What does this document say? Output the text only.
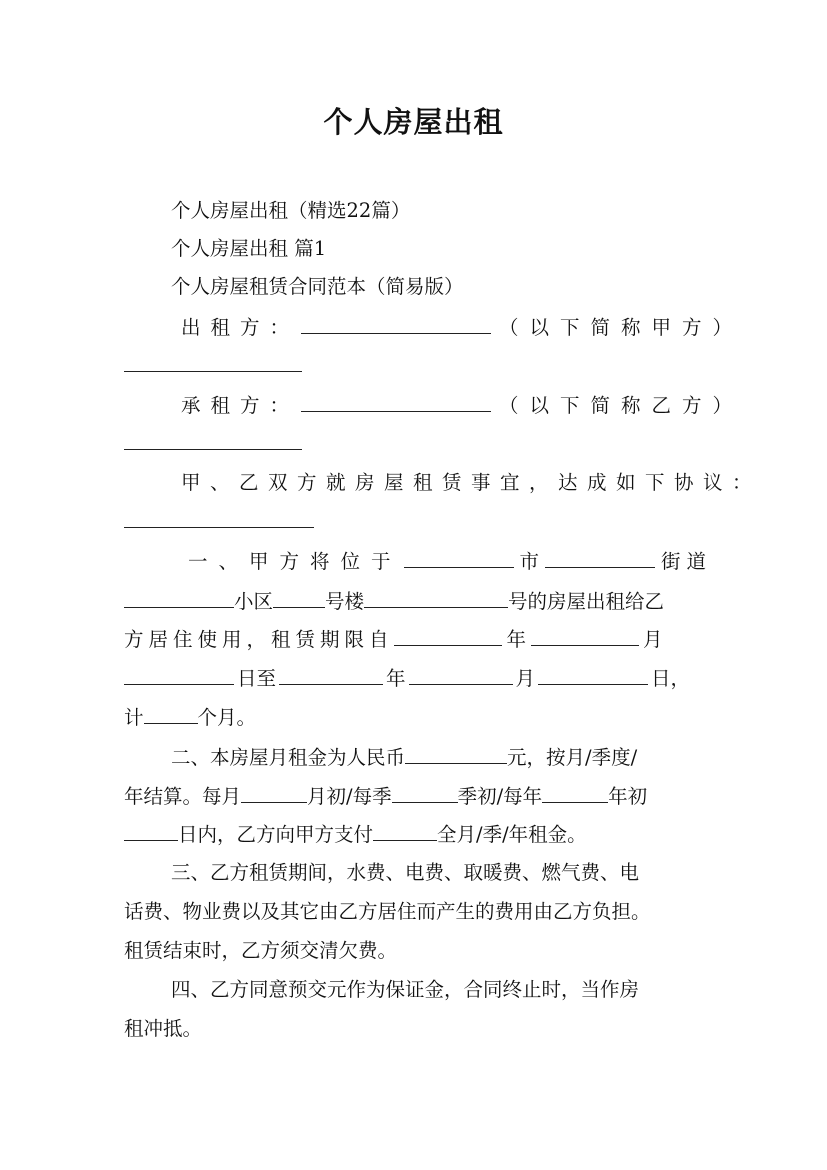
个人房屋出租
个人房屋出租（精选22篇）
个人房屋出租 篇1
个人房屋租赁合同范本（简易版）
出租方：	（以下简称甲方）
承租方：	（以下简称乙方）
甲、乙双方就房屋租赁事宜，达成如下协议：
一、甲方将位于	市	街道
小区	号楼	号的房屋出租给乙
方居住使用，租赁期限自	年	月
日至	年	月	日，
计	个月。
二、本房屋月租金为人民币	元，按月/季度/
年结算。每月	月初/每季	季初/每年	年初
日内，乙方向甲方支付	全月/季/年租金。
三、乙方租赁期间，水费、电费、取暖费、燃气费、电
话费、物业费以及其它由乙方居住而产生的费用由乙方负担。
租赁结束时，乙方须交清欠费。
四、乙方同意预交元作为保证金，合同终止时，当作房
租冲抵。
